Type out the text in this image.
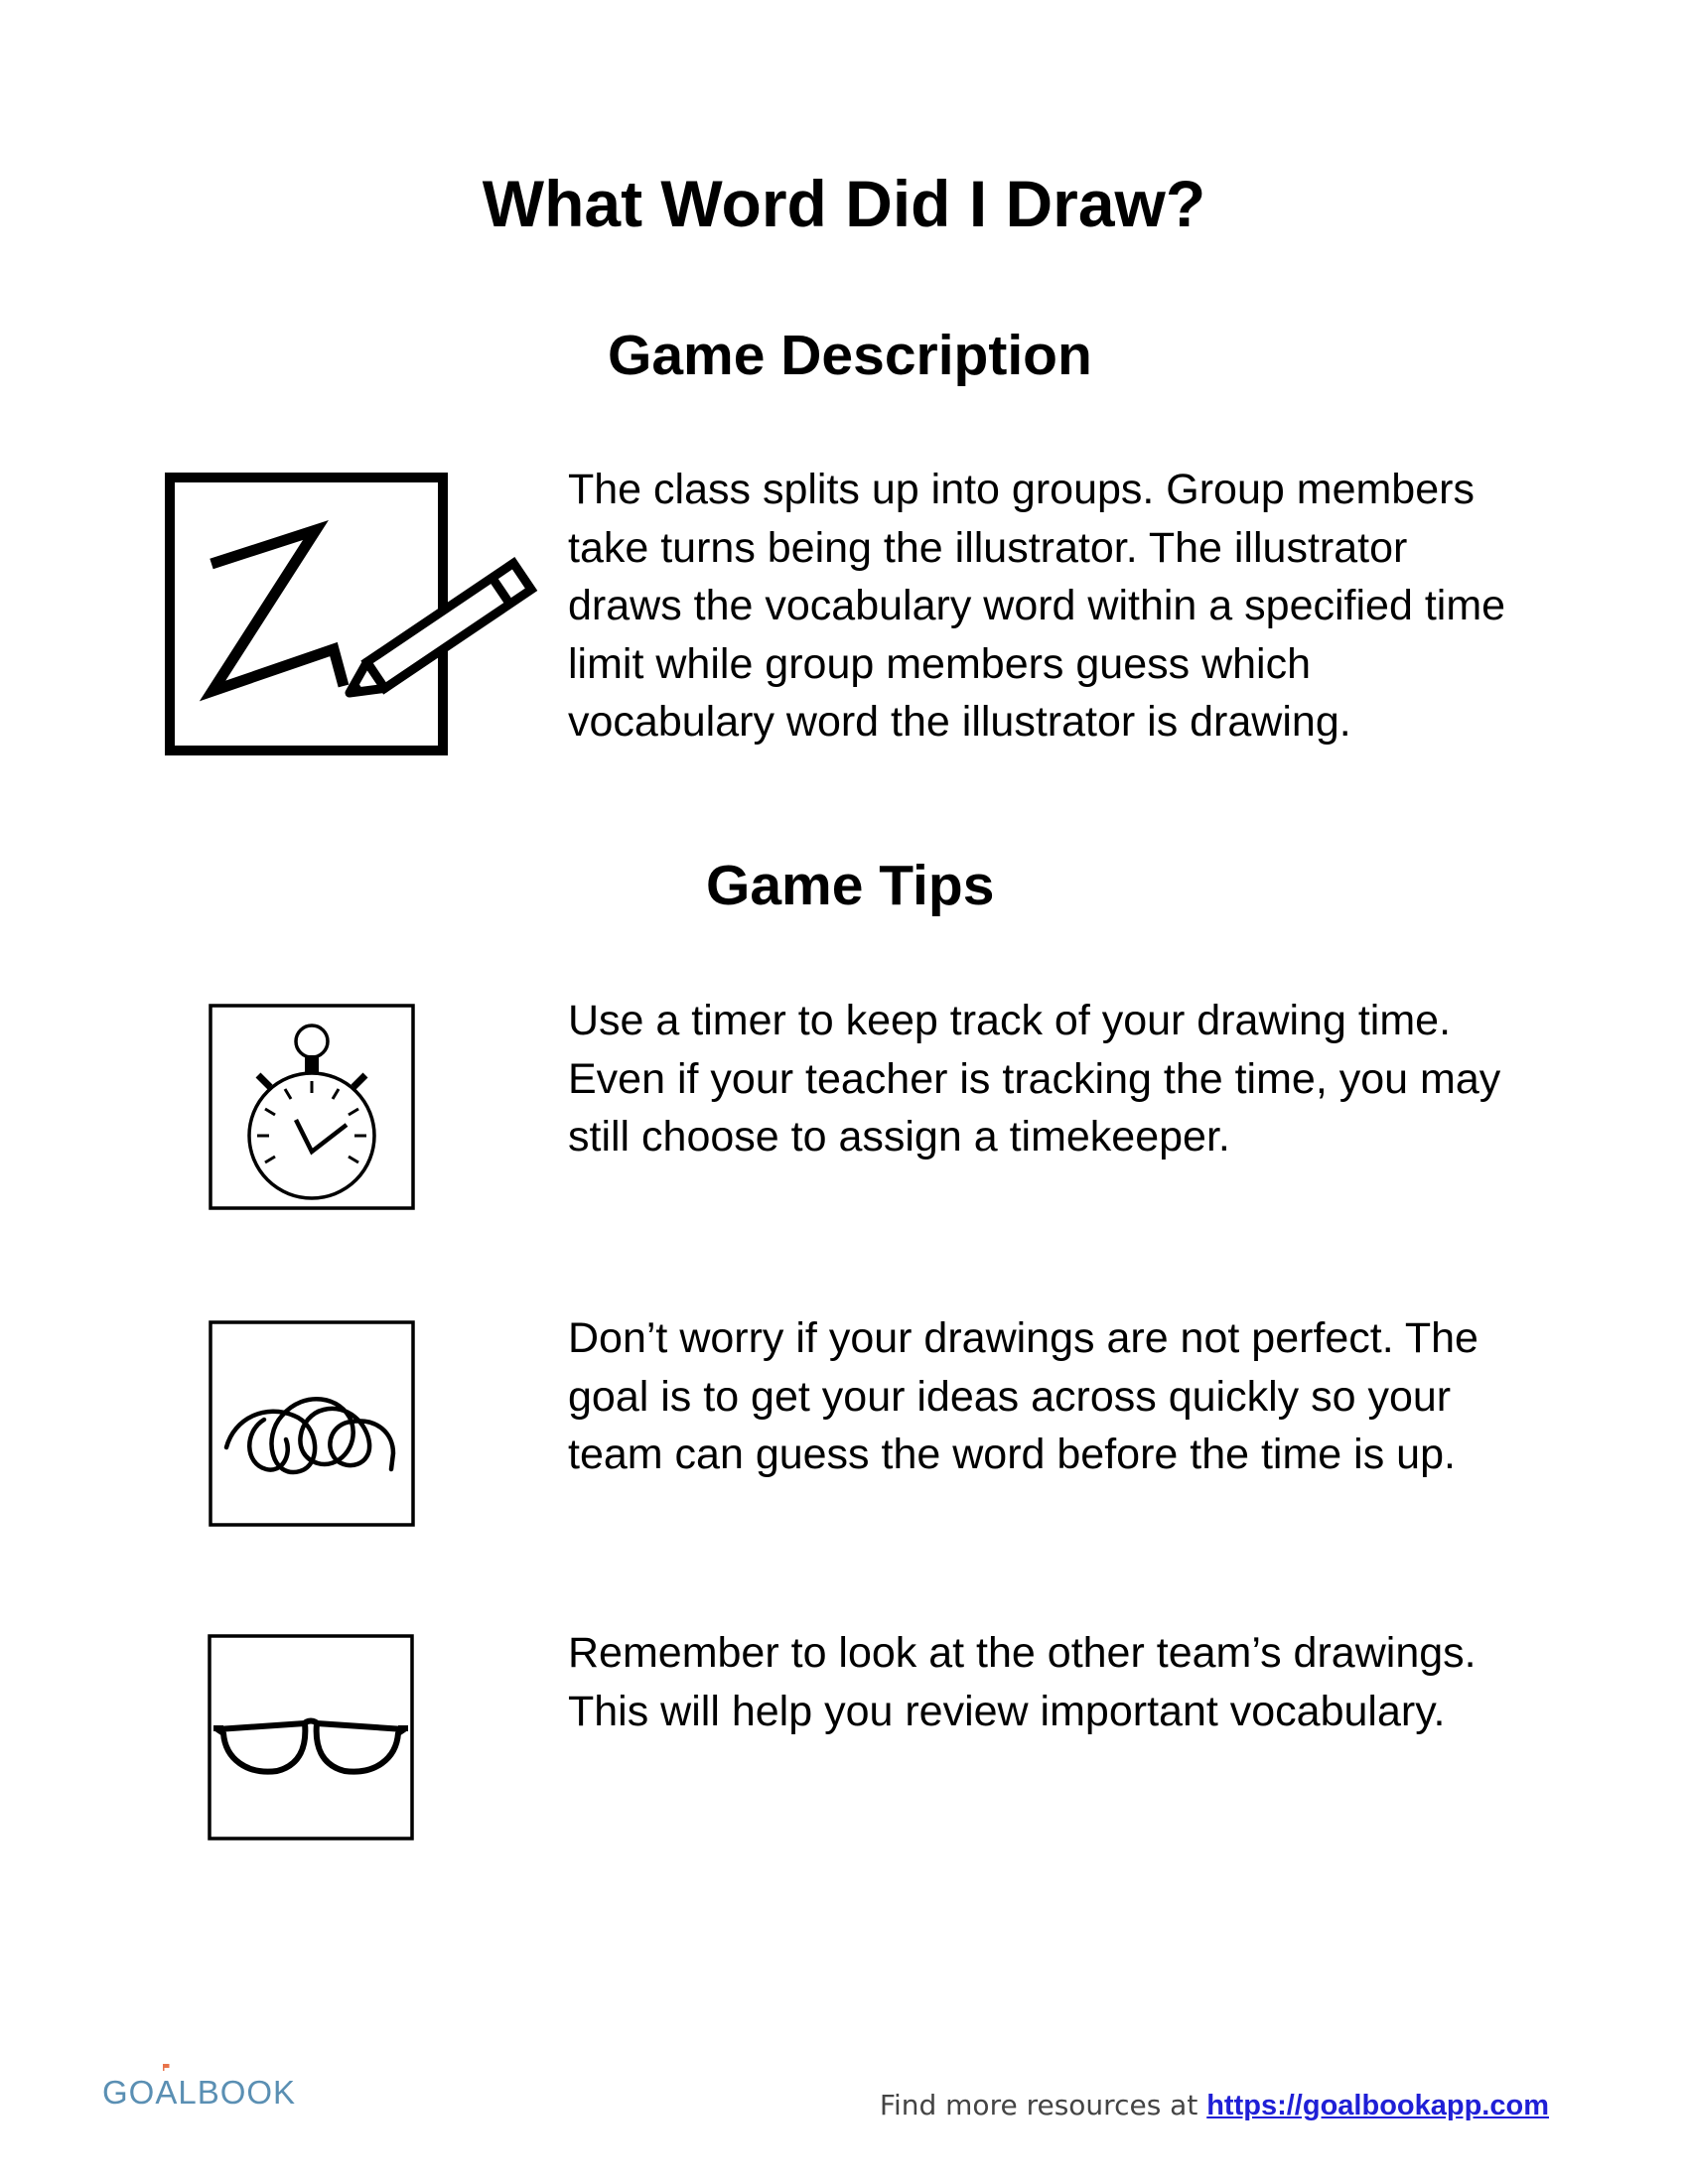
What Word Did I Draw?
Game Description

The class splits up into groups. Group members
take turns being the illustrator. The illustrator
draws the vocabulary word within a specified time
limit while group members guess which
vocabulary word the illustrator is drawing.

Game Tips

Use a timer to keep track of your drawing time.
Even if your teacher is tracking the time, you may
still choose to assign a timekeeper.

Don’t worry if your drawings are not perfect. The
goal is to get your ideas across quickly so your
team can guess the word before the time is up.

Remember to look at the other team’s drawings.
This will help you review important vocabulary.

GOALBOOK	Find more resources at https://goalbookapp.com
